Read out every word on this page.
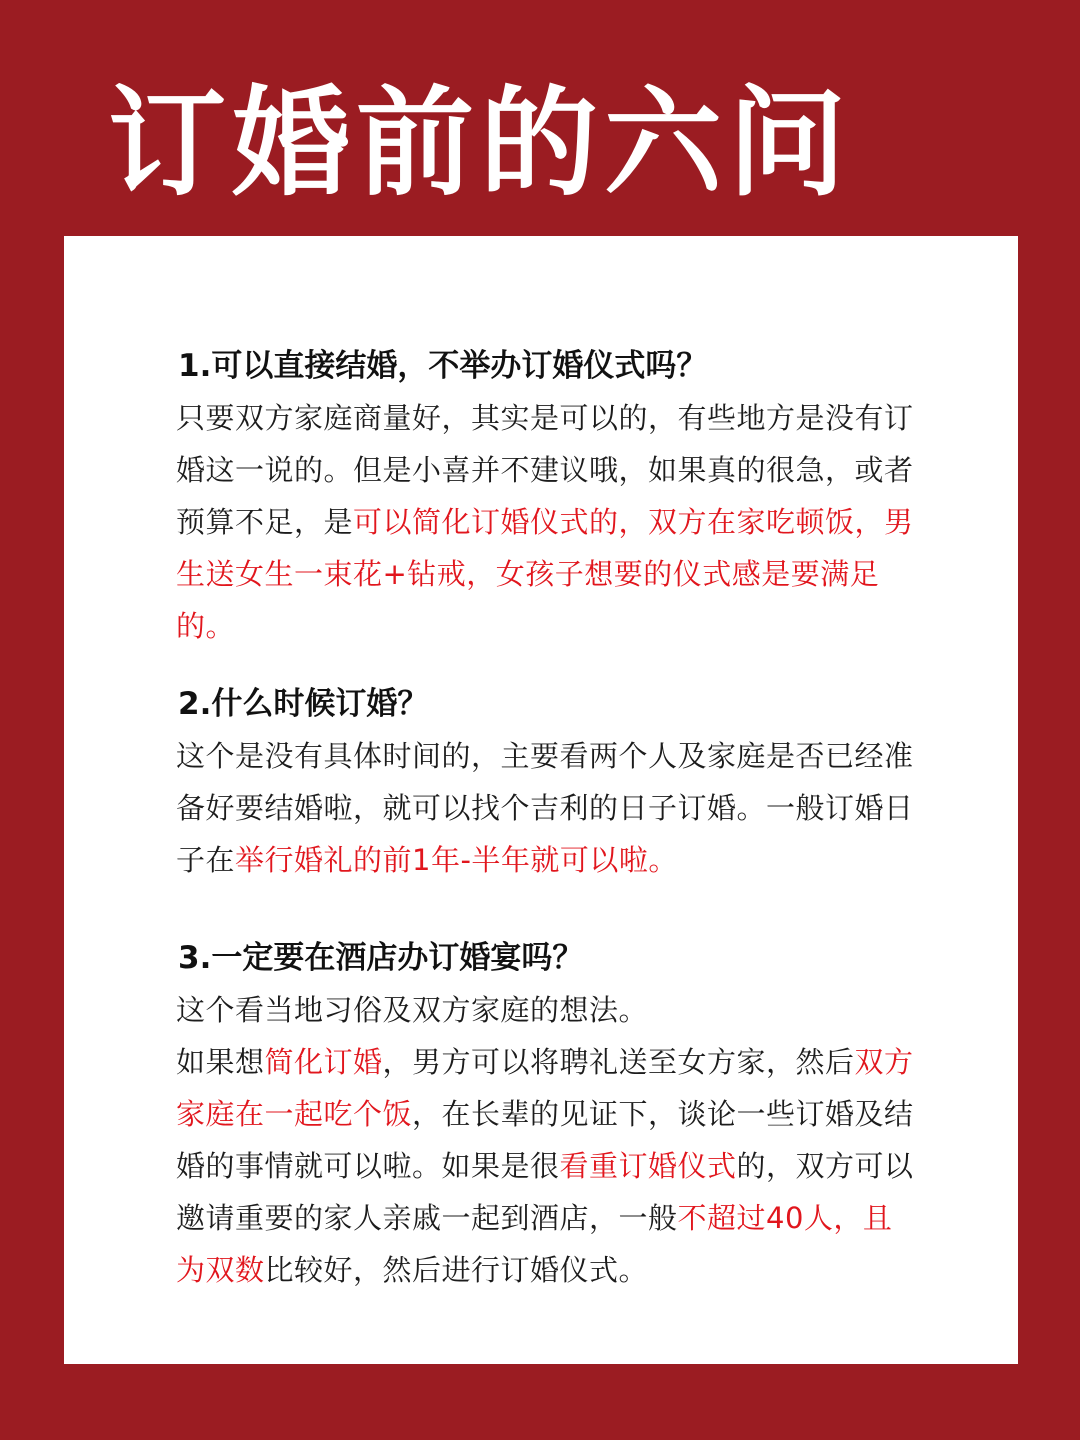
订婚前的六问
1.可以直接结婚，不举办订婚仪式吗？

只要双方家庭商量好，其实是可以的，有些地方是没有订婚这一说的。但是小喜并不建议哦，如果真的很急，或者预算不足，是可以简化订婚仪式的，双方在家吃顿饭，男生送女生一束花+钻戒，女孩子想要的仪式感是要满足的。

2.什么时候订婚？

这个是没有具体时间的，主要看两个人及家庭是否已经准备好要结婚啦，就可以找个吉利的日子订婚。一般订婚日子在举行婚礼的前1年-半年就可以啦。

3.一定要在酒店办订婚宴吗？

这个看当地习俗及双方家庭的想法。
如果想简化订婚，男方可以将聘礼送至女方家，然后双方家庭在一起吃个饭，在长辈的见证下，谈论一些订婚及结婚的事情就可以啦。如果是很看重订婚仪式的，双方可以邀请重要的家人亲戚一起到酒店，一般不超过40人，且为双数比较好，然后进行订婚仪式。
